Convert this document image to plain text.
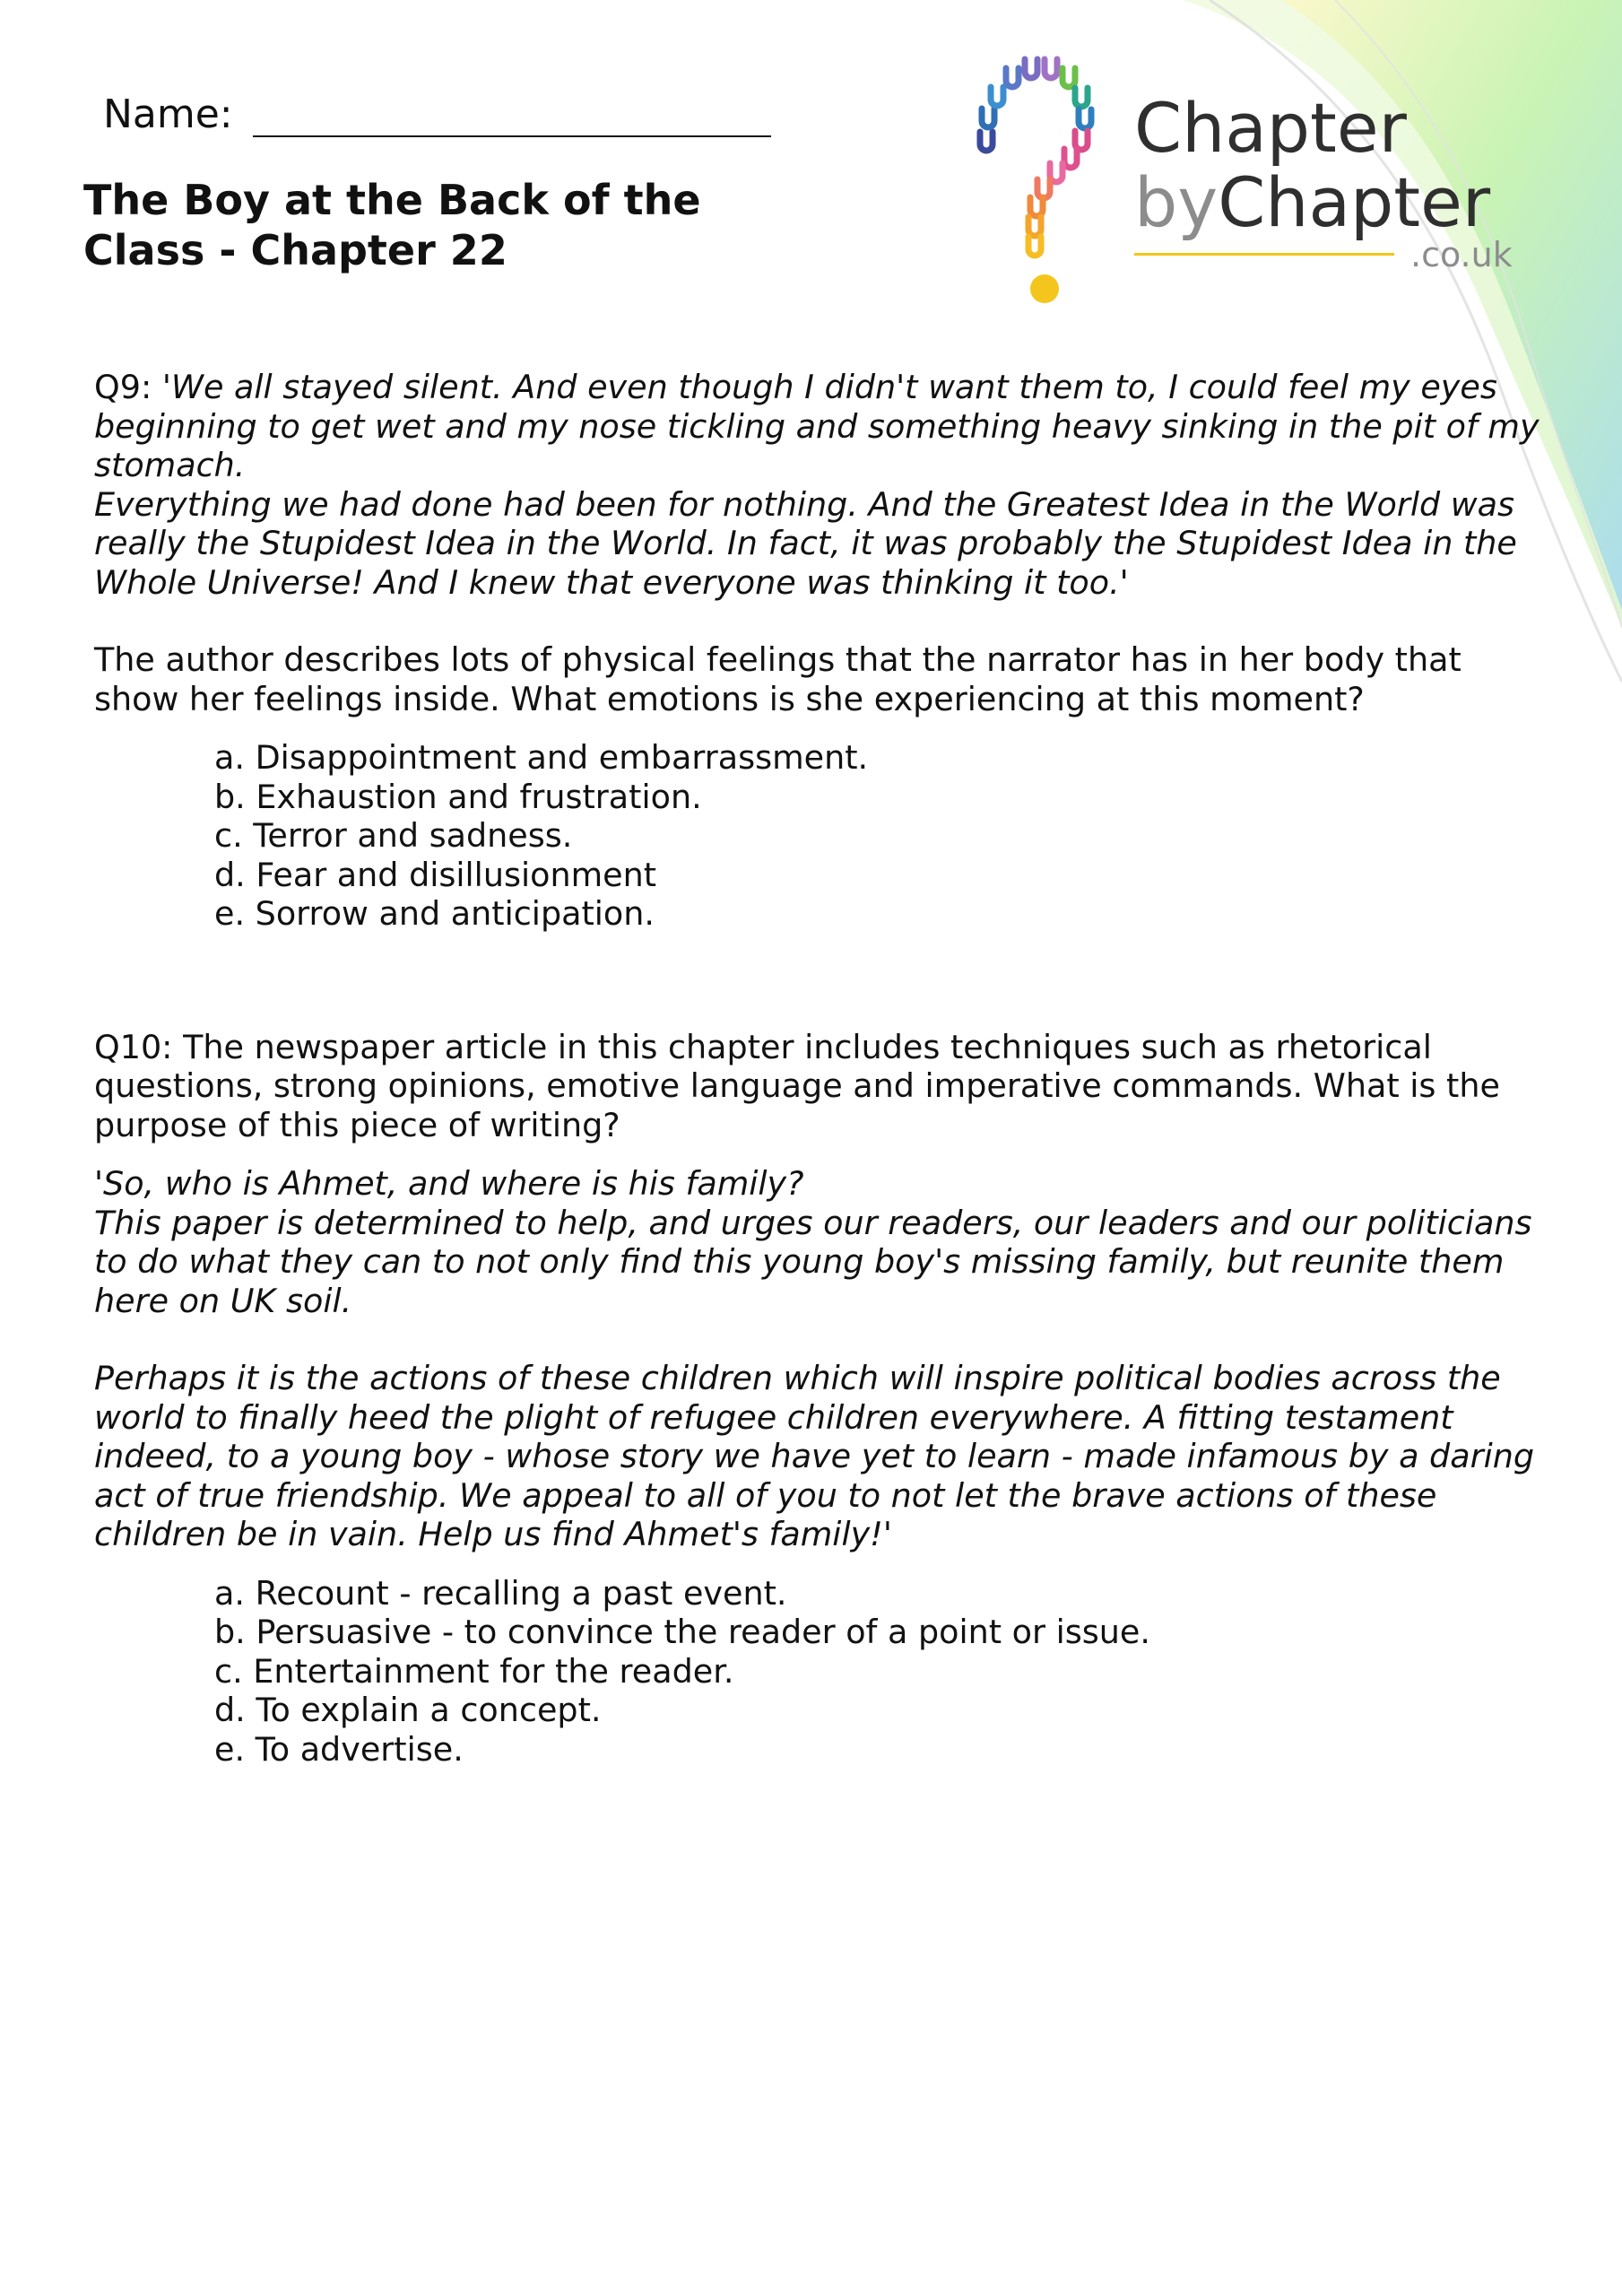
Name:
The Boy at the Back of the Class - Chapter 22
Chapter
byChapter
.co.uk

Q9: 'We all stayed silent. And even though I didn't want them to, I could feel my eyes beginning to get wet and my nose tickling and something heavy sinking in the pit of my stomach.

Everything we had done had been for nothing. And the Greatest Idea in the World was really the Stupidest Idea in the World. In fact, it was probably the Stupidest Idea in the Whole Universe! And I knew that everyone was thinking it too.'

The author describes lots of physical feelings that the narrator has in her body that show her feelings inside. What emotions is she experiencing at this moment?

a. Disappointment and embarrassment.
b. Exhaustion and frustration.
c. Terror and sadness.
d. Fear and disillusionment
e. Sorrow and anticipation.

Q10: The newspaper article in this chapter includes techniques such as rhetorical questions, strong opinions, emotive language and imperative commands. What is the purpose of this piece of writing?

'So, who is Ahmet, and where is his family?

This paper is determined to help, and urges our readers, our leaders and our politicians to do what they can to not only find this young boy's missing family, but reunite them here on UK soil.

Perhaps it is the actions of these children which will inspire political bodies across the world to finally heed the plight of refugee children everywhere. A fitting testament indeed, to a young boy - whose story we have yet to learn - made infamous by a daring act of true friendship. We appeal to all of you to not let the brave actions of these children be in vain. Help us find Ahmet's family!'

a. Recount - recalling a past event.
b. Persuasive - to convince the reader of a point or issue.
c. Entertainment for the reader.
d. To explain a concept.
e. To advertise.
